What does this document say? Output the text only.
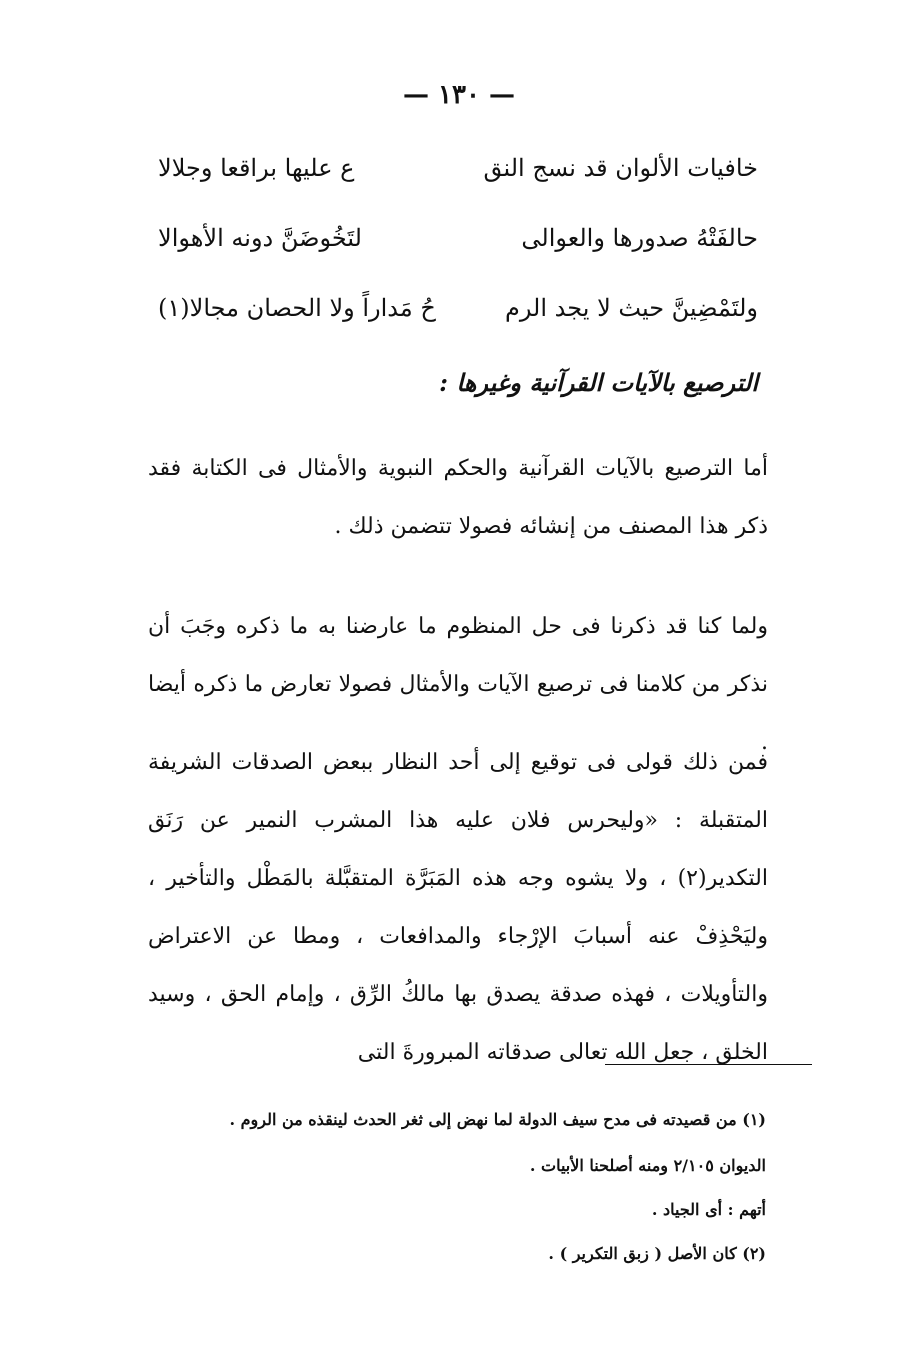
— ١٣٠ —
خافيات الألوان قد نسج النق
ع عليها براقعا وجلالا
حالفَتْهُ صدورها والعوالى
لتَخُوضَنَّ دونه الأهوالا
ولتَمْضِينَّ حيث لا يجد الرم
حُ مَداراً ولا الحصان مجالا(١)
الترصيع بالآيات القرآنية وغيرها :
أما الترصيع بالآيات القرآنية والحكم النبوية والأمثال فى الكتابة فقد ذكر هذا المصنف من إنشائه فصولا تتضمن ذلك .
ولما كنا قد ذكرنا فى حل المنظوم ما عارضنا به ما ذكره وجَبَ أن نذكر من كلامنا فى ترصيع الآيات والأمثال فصولا تعارض ما ذكره أيضا .
فمن ذلك قولى فى توقيع إلى أحد النظار ببعض الصدقات الشريفة المتقبلة : «وليحرس فلان عليه هذا المشرب النمير عن رَنَق التكدير(٢) ، ولا يشوه وجه هذه المَبَرَّة المتقبَّلة بالمَطْل والتأخير ، وليَحْذِفْ عنه أسبابَ الإرْجاء والمدافعات ، ومطا عن الاعتراض والتأويلات ، فهذه صدقة يصدق بها مالكُ الرِّق ، وإمام الحق ، وسيد الخلق ، جعل الله تعالى صدقاته المبرورةَ التى
(١) من قصيدته فى مدح سيف الدولة لما نهض إلى ثغر الحدث لينقذه من الروم .
الديوان ٢/١٠٥ ومنه أصلحنا الأبيات .
أتهم : أى الجياد .
(٢) كان الأصل ( زبق التكرير ) .
